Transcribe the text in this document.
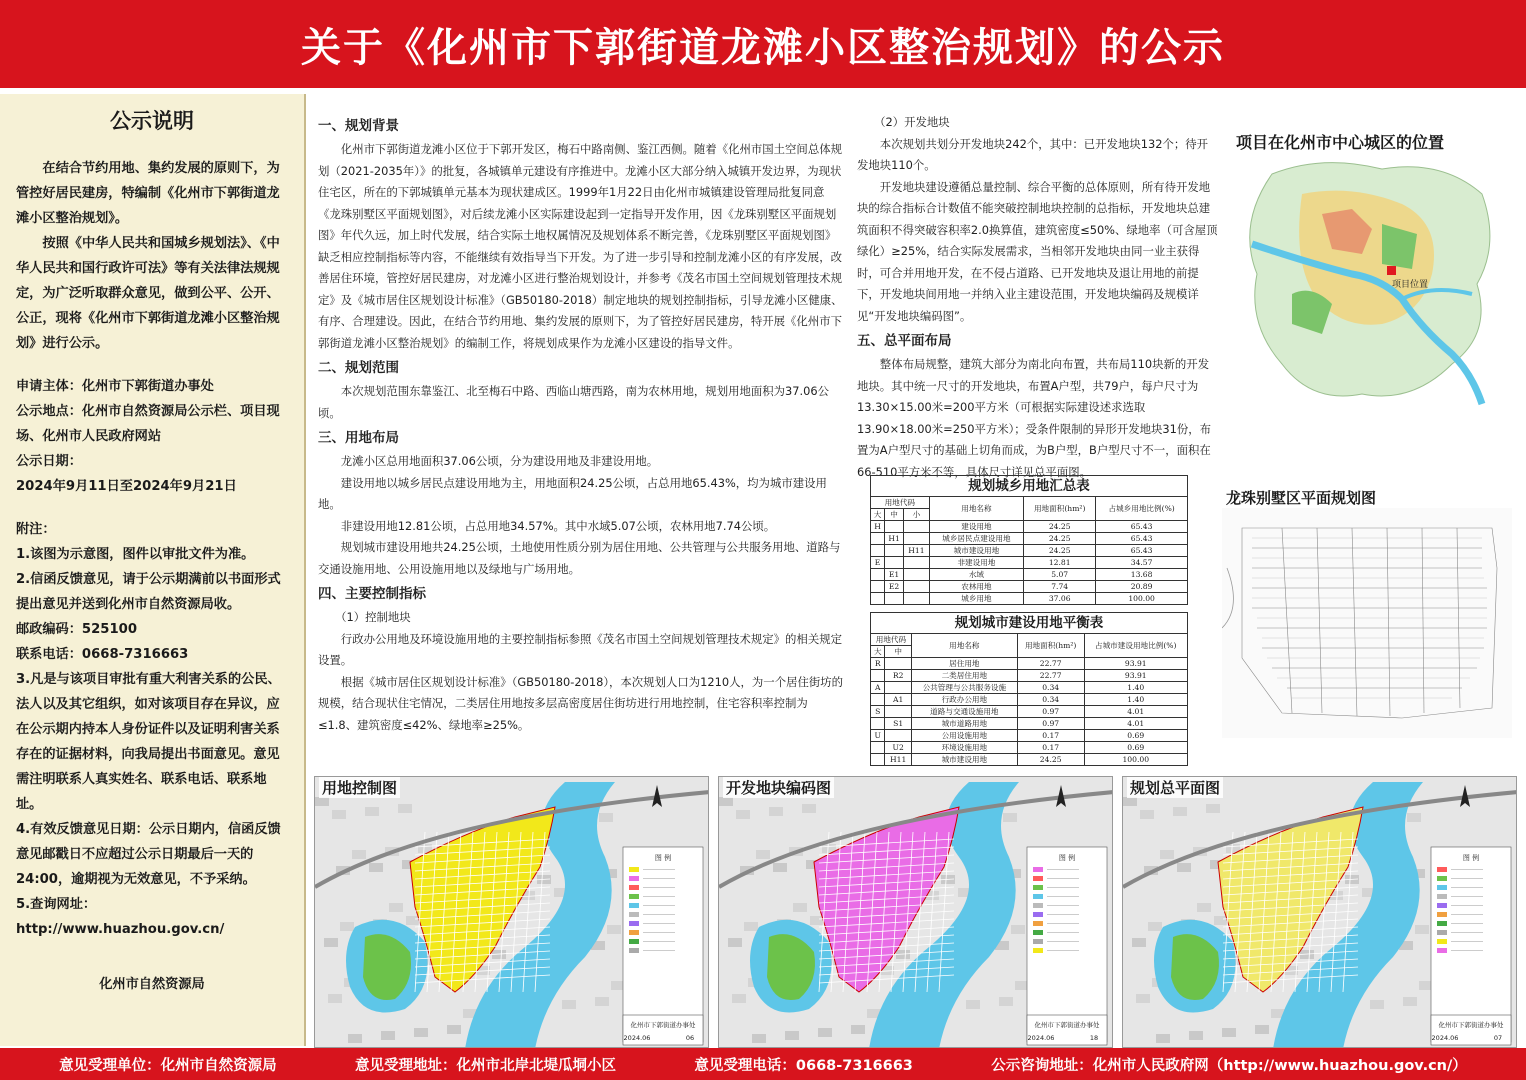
关于《化州市下郭街道龙滩小区整治规划》的公示
公示说明

在结合节约用地、集约发展的原则下，为管控好居民建房，特编制《化州市下郭街道龙滩小区整治规划》。

按照《中华人民共和国城乡规划法》、《中华人民共和国行政许可法》等有关法律法规规定，为广泛听取群众意见，做到公平、公开、公正，现将《化州市下郭街道龙滩小区整治规划》进行公示。

申请主体：化州市下郭街道办事处
公示地点：化州市自然资源局公示栏、项目现场、化州市人民政府网站
公示日期：
2024年9月11日至2024年9月21日
附注：
1.该图为示意图，图件以审批文件为准。
2.信函反馈意见，请于公示期满前以书面形式提出意见并送到化州市自然资源局收。
邮政编码：525100
联系电话：0668-7316663
3.凡是与该项目审批有重大利害关系的公民、法人以及其它组织，如对该项目存在异议，应在公示期内持本人身份证件以及证明利害关系存在的证据材料，向我局提出书面意见。意见需注明联系人真实姓名、联系电话、联系地址。
4.有效反馈意见日期：公示日期内，信函反馈意见邮戳日不应超过公示日期最后一天的24:00，逾期视为无效意见，不予采纳。
5.查询网址：http://www.huazhou.gov.cn/
化州市自然资源局
一、规划背景

化州市下郭街道龙滩小区位于下郭开发区，梅石中路南侧、鉴江西侧。随着《化州市国土空间总体规划（2021-2035年）》的批复，各城镇单元建设有序推进中。龙滩小区大部分纳入城镇开发边界，为现状住宅区，所在的下郭城镇单元基本为现状建成区。1999年1月22日由化州市城镇建设管理局批复同意《龙珠别墅区平面规划图》，对后续龙滩小区实际建设起到一定指导开发作用，因《龙珠别墅区平面规划图》年代久远，加上时代发展，结合实际土地权属情况及规划体系不断完善，《龙珠别墅区平面规划图》缺乏相应控制指标等内容，不能继续有效指导当下开发。为了进一步引导和控制龙滩小区的有序发展，改善居住环境，管控好居民建房，对龙滩小区进行整治规划设计，并参考《茂名市国土空间规划管理技术规定》及《城市居住区规划设计标准》（GB50180-2018）制定地块的规划控制指标，引导龙滩小区健康、有序、合理建设。因此，在结合节约用地、集约发展的原则下，为了管控好居民建房，特开展《化州市下郭街道龙滩小区整治规划》的编制工作，将规划成果作为龙滩小区建设的指导文件。

二、规划范围

本次规划范围东靠鉴江、北至梅石中路、西临山塘西路，南为农林用地，规划用地面积为37.06公顷。

三、用地布局

龙滩小区总用地面积37.06公顷，分为建设用地及非建设用地。

建设用地以城乡居民点建设用地为主，用地面积24.25公顷，占总用地65.43%，均为城市建设用地。

非建设用地12.81公顷，占总用地34.57%。其中水域5.07公顷，农林用地7.74公顷。

规划城市建设用地共24.25公顷，土地使用性质分别为居住用地、公共管理与公共服务用地、道路与交通设施用地、公用设施用地以及绿地与广场用地。

四、主要控制指标
（1）控制地块

行政办公用地及环境设施用地的主要控制指标参照《茂名市国土空间规划管理技术规定》的相关规定设置。

根据《城市居住区规划设计标准》（GB50180-2018），本次规划人口为1210人，为一个居住街坊的规模，结合现状住宅情况，二类居住用地按多层高密度居住街坊进行用地控制，住宅容积率控制为≤1.8、建筑密度≤42%、绿地率≥25%。

（2）开发地块

本次规划共划分开发地块242个，其中：已开发地块132个；待开发地块110个。

开发地块建设遵循总量控制、综合平衡的总体原则，所有待开发地块的综合指标合计数值不能突破控制地块控制的总指标，开发地块总建筑面积不得突破容积率2.0换算值，建筑密度≤50%、绿地率（可含屋顶绿化）≥25%，结合实际发展需求，当相邻开发地块由同一业主获得时，可合并用地开发，在不侵占道路、已开发地块及退让用地的前提下，开发地块间用地一并纳入业主建设范围，开发地块编码及规模详见“开发地块编码图”。

五、总平面布局

整体布局规整，建筑大部分为南北向布置，共布局110块新的开发地块。其中统一尺寸的开发地块，布置A户型，共79户，每户尺寸为13.30×15.00米=200平方米（可根据实际建设述求选取13.90×18.00米=250平方米）；受条件限制的异形开发地块31份，布置为A户型尺寸的基础上切角而成，为B户型，B户型尺寸不一，面积在66-510平方米不等，具体尺寸详见总平面图。

项目在化州市中心城区的位置
项目位置
龙珠别墅区平面规划图
规划城乡用地汇总表
用地代码			用地名称	用地面积(hm²)	占城乡用地比例(%)
大	中	小			
H			建设用地	24.25	65.43
	H1		城乡居民点建设用地	24.25	65.43
		H11	城市建设用地	24.25	65.43
E			非建设用地	12.81	34.57
	E1		水域	5.07	13.68
	E2		农林用地	7.74	20.89
			城乡用地	37.06	100.00
规划城市建设用地平衡表
用地代码		用地名称	用地面积(hm²)	占城市建设用地比例(%)
大	中			
R		居住用地	22.77	93.91
	R2	二类居住用地	22.77	93.91
A		公共管理与公共服务设施	0.34	1.40
	A1	行政办公用地	0.34	1.40
S		道路与交通设施用地	0.97	4.01
	S1	城市道路用地	0.97	4.01
U		公用设施用地	0.17	0.69
	U2	环境设施用地	0.17	0.69
	H11	城市建设用地	24.25	100.00
用地控制图
图 例
化州市下郭街道办事处
2024.06	06
开发地块编码图
图 例
化州市下郭街道办事处
2024.06	18
规划总平面图
图 例
化州市下郭街道办事处
2024.06	07
意见受理单位：化州市自然资源局	意见受理地址：化州市北岸北堤瓜垌小区	意见受理电话：0668-7316663	公示咨询地址：化州市人民政府网（http://www.huazhou.gov.cn/）
